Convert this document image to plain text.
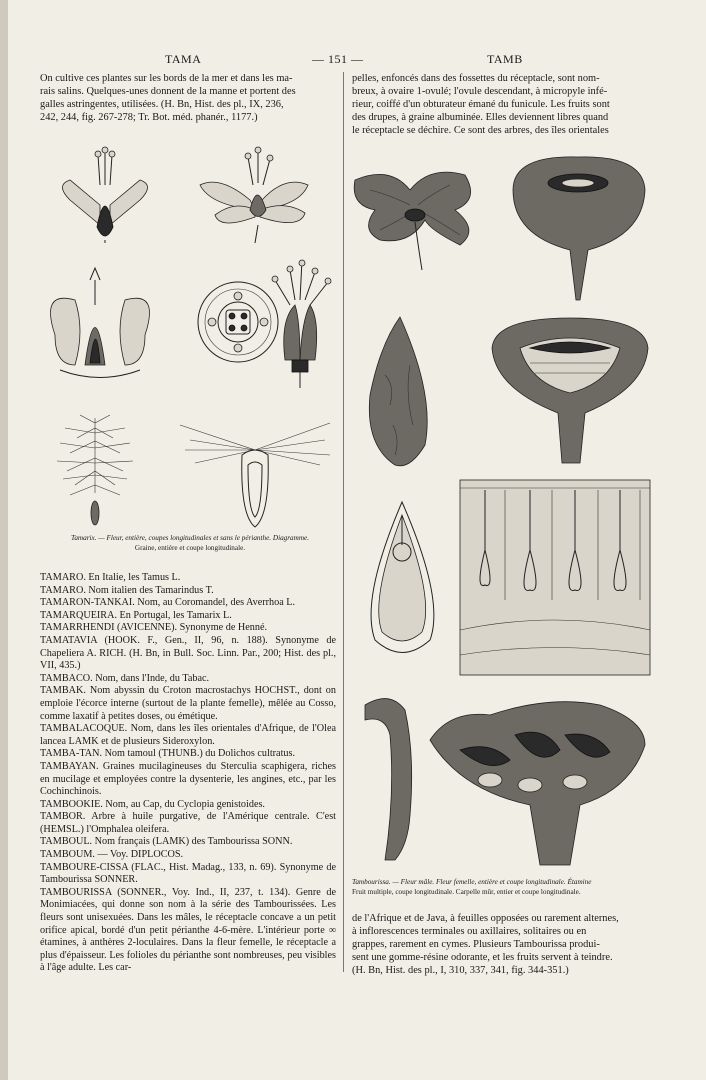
TAMA	— 151 —	TAMB

On cultive ces plantes sur les bords de la mer et dans les ma-

rais salins. Quelques-unes donnent de la manne et portent des

galles astringentes, utilisées. (H. Bn, Hist. des pl., IX, 236,

242, 244, fig. 267-278; Tr. Bot. méd. phanér., 1177.)

pelles, enfoncés dans des fossettes du réceptacle, sont nom-

breux, à ovaire 1-ovulé; l'ovule descendant, à micropyle infé-

rieur, coiffé d'un obturateur émané du funicule. Les fruits sont

des drupes, à graine albuminée. Elles deviennent libres quand

le réceptacle se déchire. Ce sont des arbres, des îles orientales

Tamarix. — Fleur, entière, coupes longitudinales et sans le périanthe. Diagramme.
Graine, entière et coupe longitudinale.

TAMARO. En Italie, les Tamus L.

TAMARO. Nom italien des Tamarindus T.

TAMARON-TANKAI. Nom, au Coromandel, des Averrhoa L.

TAMARQUEIRA. En Portugal, les Tamarix L.

TAMARRHENDI (AVICENNE). Synonyme de Henné.

TAMATAVIA (HOOK. F., Gen., II, 96, n. 188). Synonyme de Chapeliera A. RICH. (H. Bn, in Bull. Soc. Linn. Par., 200; Hist. des pl., VII, 435.)

TAMBACO. Nom, dans l'Inde, du Tabac.

TAMBAK. Nom abyssin du Croton macrostachys HOCHST., dont on emploie l'écorce interne (surtout de la plante femelle), mêlée au Cosso, comme laxatif à petites doses, ou émétique.

TAMBALACOQUE. Nom, dans les îles orientales d'Afrique, de l'Olea lancea LAMK et de plusieurs Sideroxylon.

TAMBA-TAN. Nom tamoul (THUNB.) du Dolichos cultratus.

TAMBAYAN. Graines mucilagineuses du Sterculia scaphigera, riches en mucilage et employées contre la dysenterie, les angines, etc., par les Cochinchinois.

TAMBOOKIE. Nom, au Cap, du Cyclopia genistoides.

TAMBOR. Arbre à huile purgative, de l'Amérique centrale. C'est (HEMSL.) l'Omphalea oleifera.

TAMBOUL. Nom français (LAMK) des Tambourissa SONN.

TAMBOUM. — Voy. DIPLOCOS.

TAMBOURE-CISSA (FLAC., Hist. Madag., 133, n. 69). Synonyme de Tambourissa SONNER.

TAMBOURISSA (SONNER., Voy. Ind., II, 237, t. 134). Genre de Monimiacées, qui donne son nom à la série des Tambourissées. Les fleurs sont unisexuées. Dans les mâles, le réceptacle concave a un petit orifice apical, bordé d'un petit périanthe 4-6-mère. L'intérieur porte ∞ étamines, à anthères 2-loculaires. Dans la fleur femelle, le réceptacle a plus d'épaisseur. Les folioles du périanthe sont nombreuses, peu visibles à l'âge adulte. Les car-

Tambourissa. — Fleur mâle. Fleur femelle, entière et coupe longitudinale. Étamine
Fruit multiple, coupe longitudinale. Carpelle mûr, entier et coupe longitudinale.

de l'Afrique et de Java, à feuilles opposées ou rarement alternes,

à inflorescences terminales ou axillaires, solitaires ou en

grappes, rarement en cymes. Plusieurs Tambourissa produi-

sent une gomme-résine odorante, et les fruits servent à teindre.

(H. Bn, Hist. des pl., I, 310, 337, 341, fig. 344-351.)
